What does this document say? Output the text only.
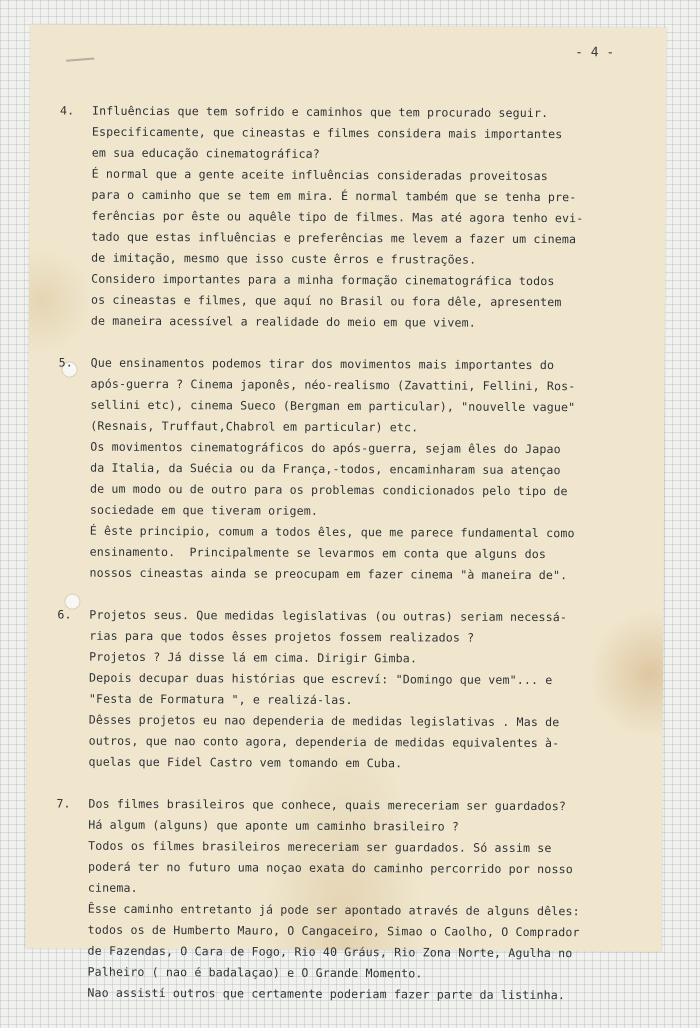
- 4 -

4. Influências que tem sofrido e caminhos que tem procurado seguir.
Especificamente, que cineastas e filmes considera mais importantes
em sua educação cinematográfica?
É normal que a gente aceite influências consideradas proveitosas
para o caminho que se tem em mira. É normal também que se tenha pre-
ferências por êste ou aquêle tipo de filmes. Mas até agora tenho evi-
tado que estas influências e preferências me levem a fazer um cinema
de imitação, mesmo que isso custe êrros e frustrações.
Considero importantes para a minha formação cinematográfica todos
os cineastas e filmes, que aquí no Brasil ou fora dêle, apresentem
de maneira acessível a realidade do meio em que vivem.
5. Que ensinamentos podemos tirar dos movimentos mais importantes do
após-guerra ? Cinema japonês, néo-realismo (Zavattini, Fellini, Ros-
sellini etc), cinema Sueco (Bergman em particular), "nouvelle vague"
(Resnais, Truffaut,Chabrol em particular) etc.
Os movimentos cinematográficos do após-guerra, sejam êles do Japao
da Italia, da Suécia ou da França,-todos, encaminharam sua atençao
de um modo ou de outro para os problemas condicionados pelo tipo de
sociedade em que tiveram origem.
É êste principio, comum a todos êles, que me parece fundamental como
ensinamento.  Principalmente se levarmos em conta que alguns dos
nossos cineastas ainda se preocupam em fazer cinema "à maneira de".
6. Projetos seus. Que medidas legislativas (ou outras) seriam necessá-
rias para que todos êsses projetos fossem realizados ?
Projetos ? Já disse lá em cima. Dirigir Gimba.
Depois decupar duas histórias que escreví: "Domingo que vem"... e
"Festa de Formatura ", e realizá-las.
Dêsses projetos eu nao dependeria de medidas legislativas . Mas de
outros, que nao conto agora, dependeria de medidas equivalentes à-
quelas que Fidel Castro vem tomando em Cuba.
7. Dos filmes brasileiros que conhece, quais mereceriam ser guardados?
Há algum (alguns) que aponte um caminho brasileiro ?
Todos os filmes brasileiros mereceriam ser guardados. Só assim se
poderá ter no futuro uma noçao exata do caminho percorrido por nosso
cinema.
Êsse caminho entretanto já pode ser apontado através de alguns dêles:
todos os de Humberto Mauro, O Cangaceiro, Simao o Caolho, O Comprador
de Fazendas, O Cara de Fogo, Rio 40 Gráus, Rio Zona Norte, Agulha no
Palheiro ( nao é badalaçao) e O Grande Momento.
Nao assistí outros que certamente poderiam fazer parte da listinha.
